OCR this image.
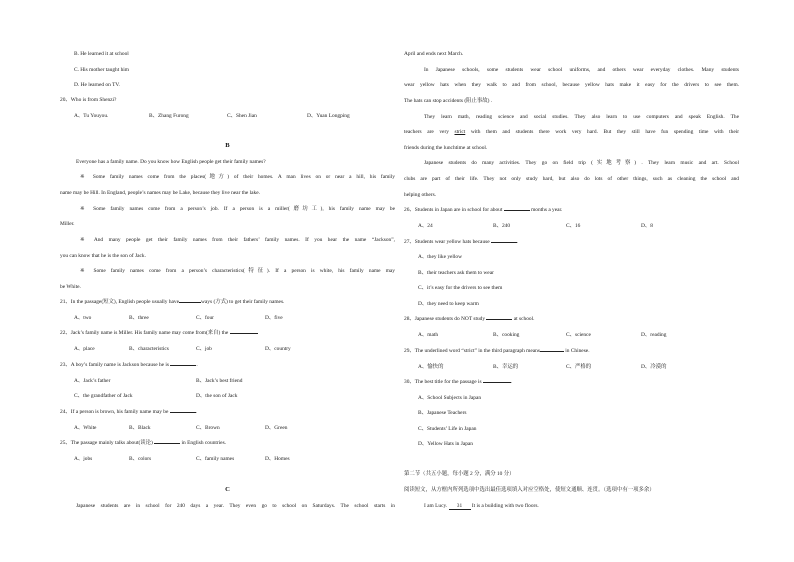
B. He learned it at school
C. His mother taught him
D. He learned on TV.
20、Who is from Shenzi?
A、Tu Youyou.	B、Zhang Furong	C、Shen Jian	D、Yuan Longping
B
Everyone has a family name. Do you know how English people get their family names?
※ Some family names come from the places(地方) of their homes. A man lives on or near a hill, his family
name may be Hill. In England, people’s names may be Lake, because they live near the lake.
※ Some family names come from a person’s job. If a person is a miller(磨坊工), his family name may be
Miller.
※ And many people get their family names from their fathers’ family names. If you hear the name “Jackson”,
you can know that he is the son of Jack.
※ Some family names come from a person’s characteristics(特征). If a person is white, his family name may
be White.
21、In the passage(短文), English people usually have	ways (方式) to get their family names.
A、two	B、three	C、four	D、five
22、Jack’s family name is Miller. His family name may come from(来自) the
A、place	B、characteristics	C、job	D、country
23、A boy’s family name is Jackson because he is	.
A、Jack’s father	B、Jack’s best friend
C、the grandfather of Jack	D、the son of Jack
24、If a person is brown, his family name may be	.
A、White	B、Black	C、Brown	D、Green
25、The passage mainly talks about(谈论)	in English countries.
A、jobs	B、colors	C、family names	D、Homes
C
Japanese students are in school for 240 days a year. They even go to school on Saturdays. The school starts in
April and ends next March.
In Japanese schools, some students wear school uniforms, and others wear everyday clothes. Many students
wear yellow hats when they walk to and from school, because yellow hats make it easy for the drivers to see them.
The hats can stop accidents (阻止事故) .
They learn math, reading science and social studies. They also learn to use computers and speak English. The
teachers are very strict with them and students there work very hard. But they still have fun spending time with their
friends during the lunchtime at school.
Japanese students do many activities. They go on field trip (实地考察) . They learn music and art. School
clubs are part of their life. They not only study hard, but also do lots of other things, such as cleaning the school and
helping others.
26、Students in Japan are in school for about	months a year.
A、24	B、240	C、16	D、8
27、Students wear yellow hats because	.
A、they like yellow
B、their teachers ask them to wear
C、it’s easy for the drivers to see them
D、they need to keep warm
28、Japanese students do NOT study	at school.
A、math	B、cooking	C、science	D、reading
29、The underlined word “strict” in the third paragraph means	in Chinese.
A、愉快的	B、幸运的	C、严格的	D、冷漠的
30、The best title for the passage is	.
A、School Subjects in Japan
B、Japanese Teachers
C、Students’ Life in Japan
D、Yellow Hats in Japan
第二节（共五小题，每小题 2 分，满分 10 分）
阅读短文，从方框内所列选项中选出最佳选项填入对应空格处，使短文通顺、连贯。（选项中有一项多余）
I am Lucy. 31 It is a building with two floors.
